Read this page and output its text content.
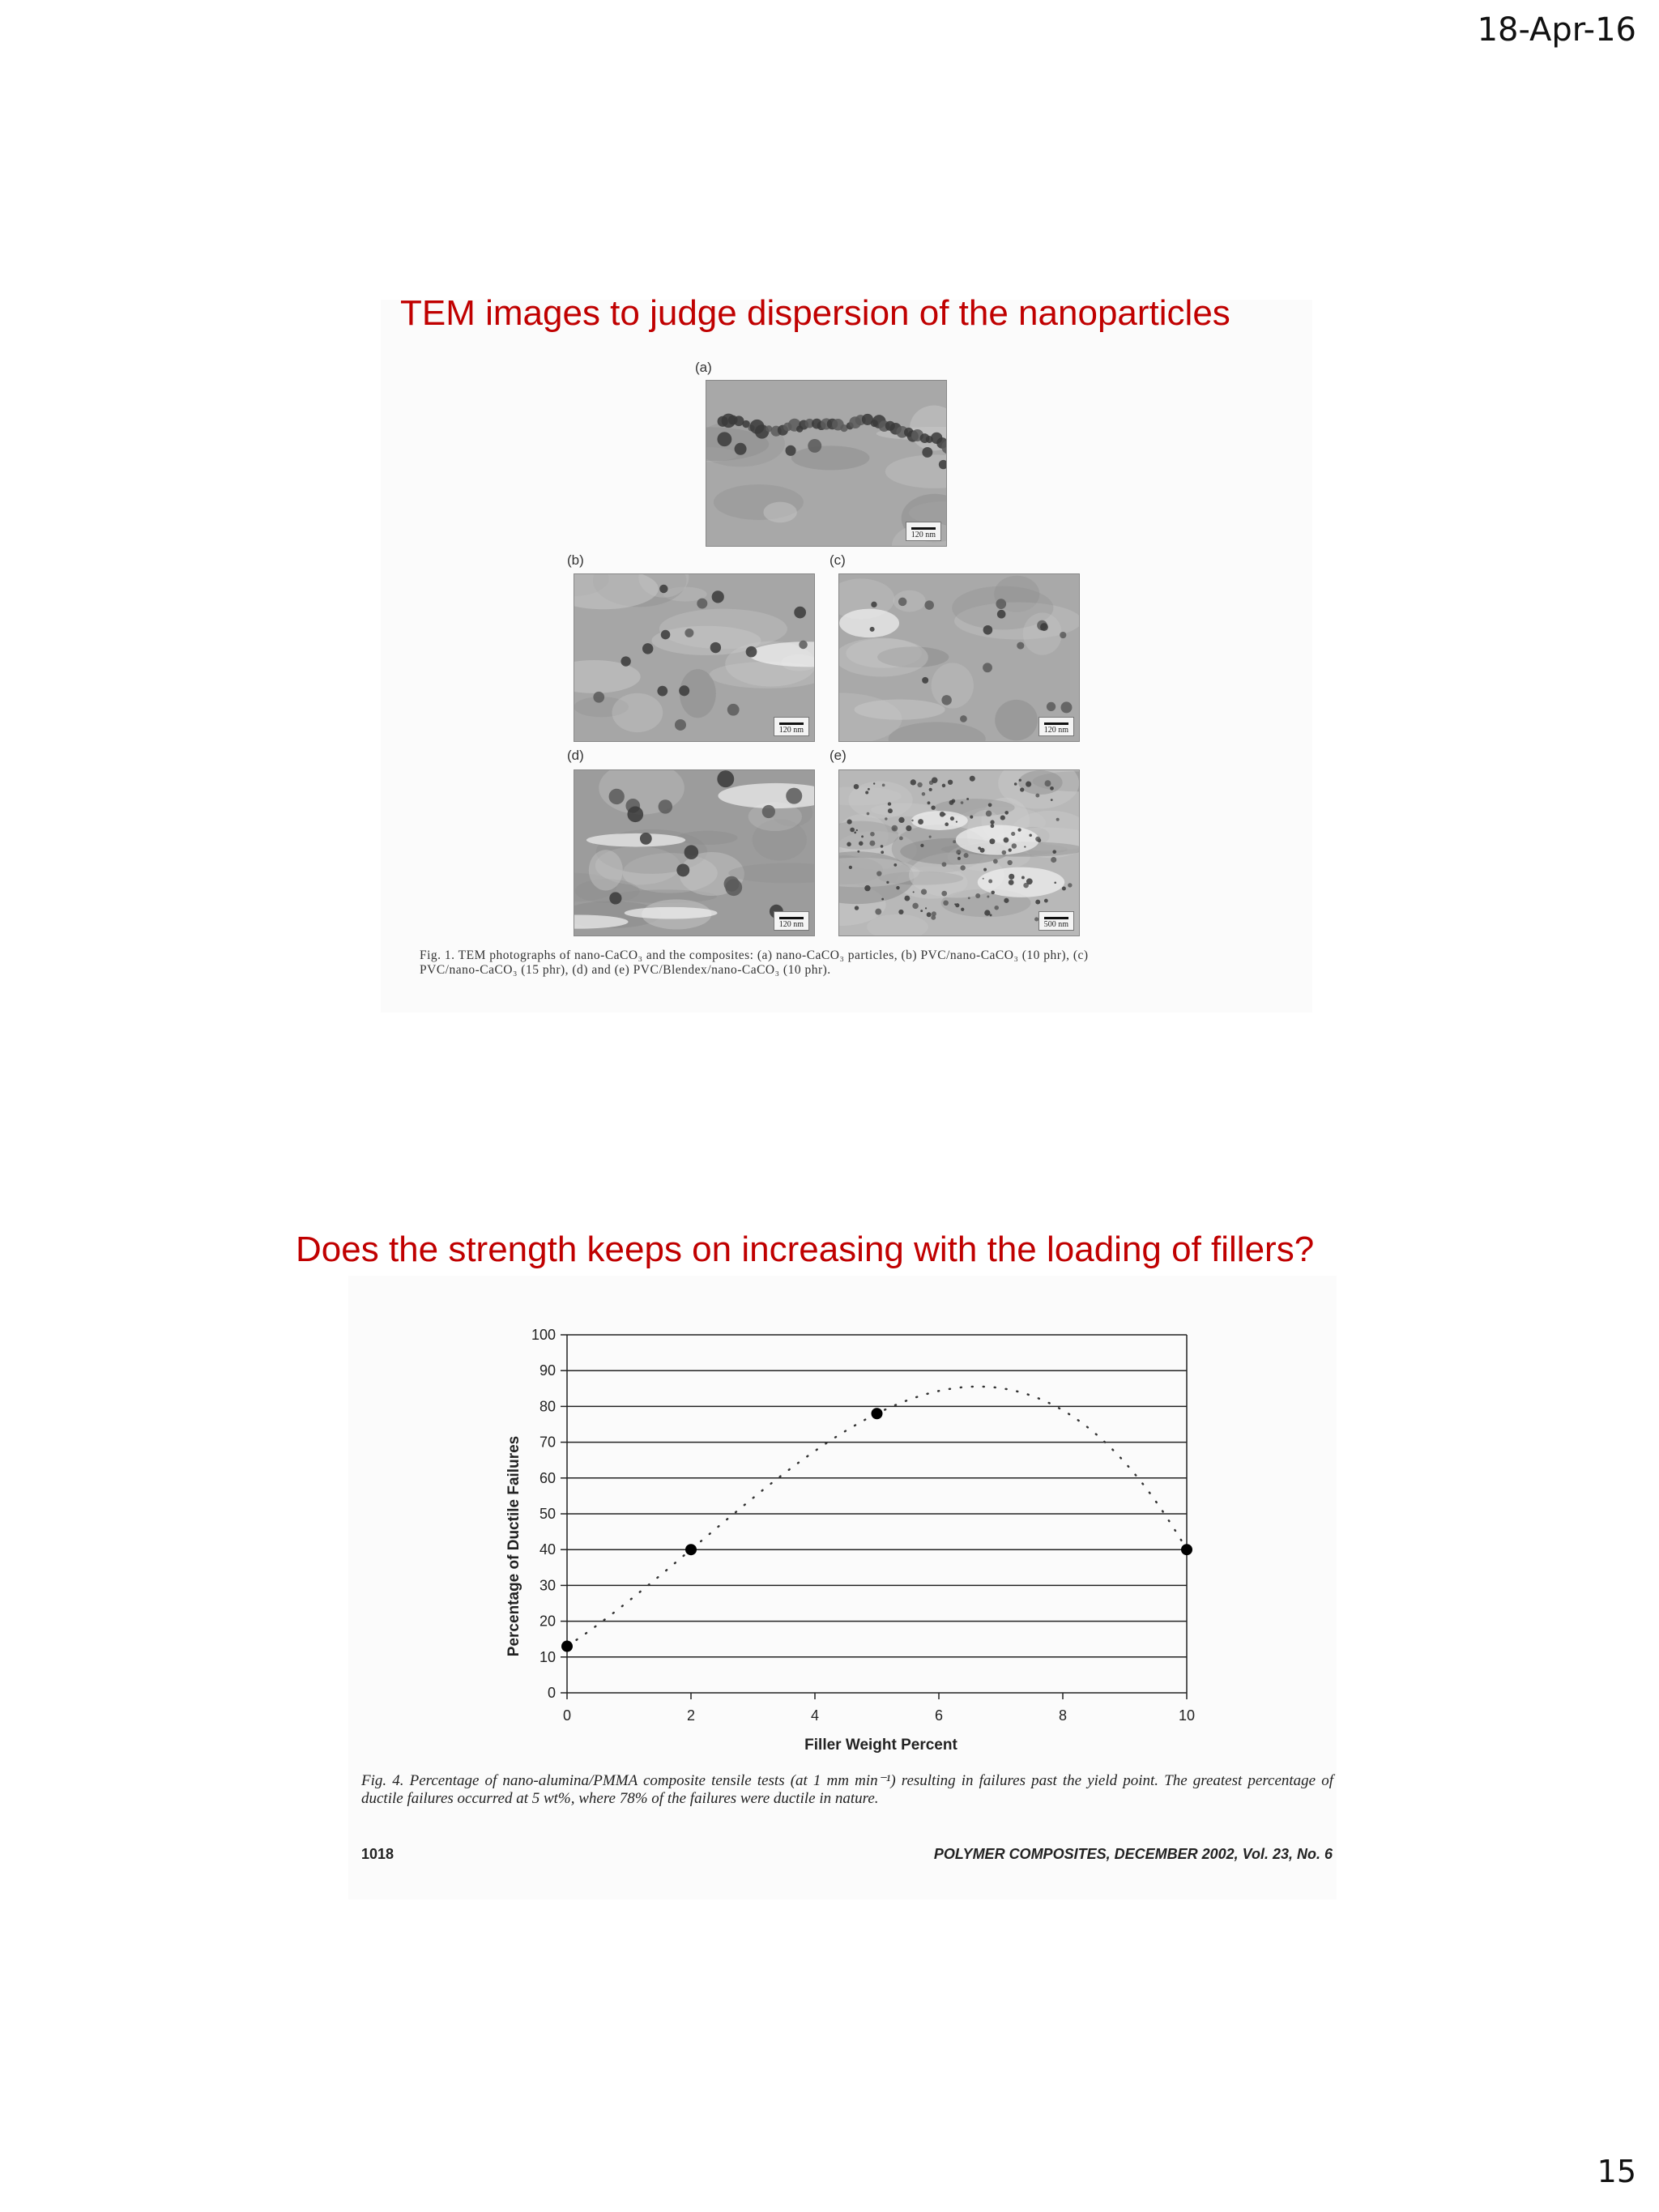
18-Apr-16
TEM images to judge dispersion of the nanoparticles
(a)
120 nm
(b)
120 nm
(c)
120 nm
(d)
120 nm
(e)
500 nm
Fig. 1. TEM photographs of nano-CaCO₃ and the composites: (a) nano-CaCO₃ particles, (b) PVC/nano-CaCO₃ (10 phr), (c)
PVC/nano-CaCO₃ (15 phr), (d) and (e) PVC/Blendex/nano-CaCO₃ (10 phr).
Does the strength keeps on increasing with the loading of fillers?
0
10
20
30
40
50
60
70
80
90
100
0	2	4	6	8	10
Filler Weight Percent
Percentage of Ductile Failures
Fig. 4. Percentage of nano-alumina/PMMA composite tensile tests (at 1 mm min⁻¹) resulting in failures past the yield point. The greatest percentage of ductile failures occurred at 5 wt%, where 78% of the failures were ductile in nature.
1018	POLYMER COMPOSITES, DECEMBER 2002, Vol. 23, No. 6
15
